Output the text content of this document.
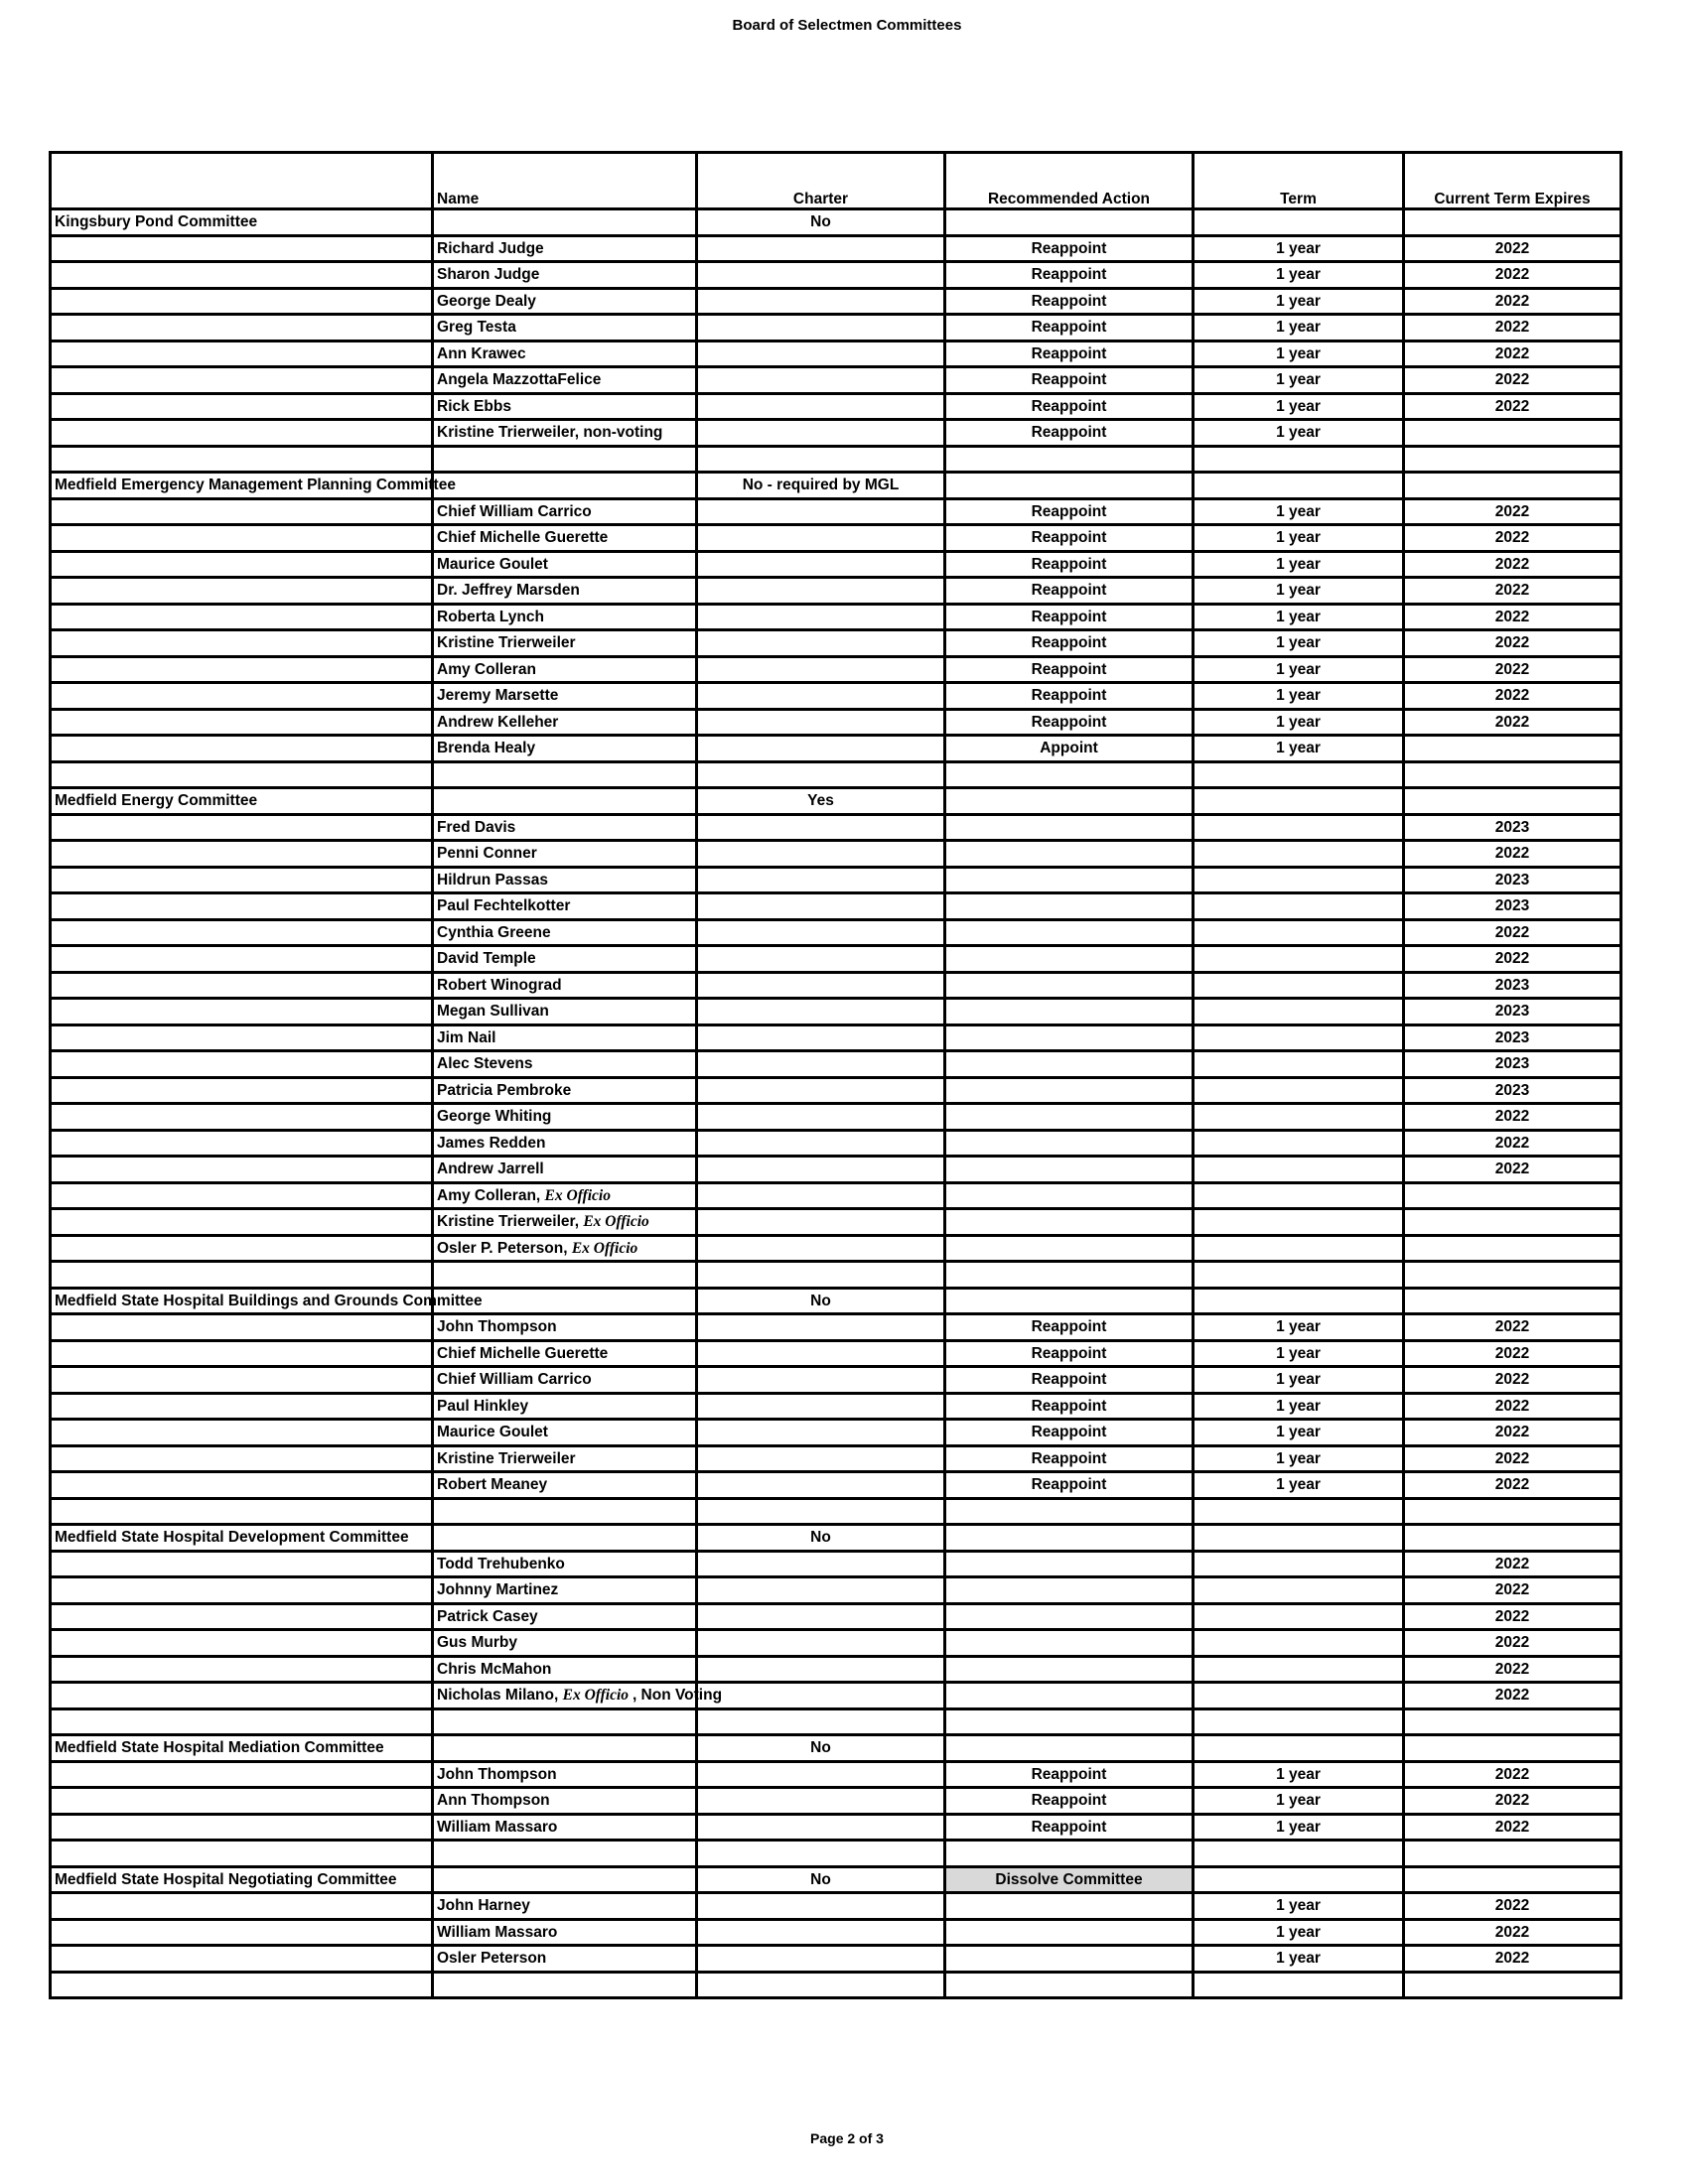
Board of Selectmen Committees
	Name	Charter	Recommended Action	Term	Current Term Expires
Kingsbury Pond Committee		No			
	Richard Judge		Reappoint	1 year	2022
	Sharon Judge		Reappoint	1 year	2022
	George Dealy		Reappoint	1 year	2022
	Greg Testa		Reappoint	1 year	2022
	Ann Krawec		Reappoint	1 year	2022
	Angela MazzottaFelice		Reappoint	1 year	2022
	Rick Ebbs		Reappoint	1 year	2022
	Kristine Trierweiler, non-voting		Reappoint	1 year	

Medfield Emergency Management Planning Committee		No - required by MGL			
	Chief William Carrico		Reappoint	1 year	2022
	Chief Michelle Guerette		Reappoint	1 year	2022
	Maurice Goulet		Reappoint	1 year	2022
	Dr. Jeffrey Marsden		Reappoint	1 year	2022
	Roberta Lynch		Reappoint	1 year	2022
	Kristine Trierweiler		Reappoint	1 year	2022
	Amy Colleran		Reappoint	1 year	2022
	Jeremy Marsette		Reappoint	1 year	2022
	Andrew Kelleher		Reappoint	1 year	2022
	Brenda Healy		Appoint	1 year	

Medfield Energy Committee		Yes			
	Fred Davis				2023
	Penni Conner				2022
	Hildrun Passas				2023
	Paul Fechtelkotter				2023
	Cynthia Greene				2022
	David Temple				2022
	Robert Winograd				2023
	Megan Sullivan				2023
	Jim Nail				2023
	Alec Stevens				2023
	Patricia Pembroke				2023
	George Whiting				2022
	James Redden				2022
	Andrew Jarrell				2022
	Amy Colleran, Ex Officio				
	Kristine Trierweiler, Ex Officio				
	Osler P. Peterson, Ex Officio				

Medfield State Hospital Buildings and Grounds Committee		No			
	John Thompson		Reappoint	1 year	2022
	Chief Michelle Guerette		Reappoint	1 year	2022
	Chief William Carrico		Reappoint	1 year	2022
	Paul Hinkley		Reappoint	1 year	2022
	Maurice Goulet		Reappoint	1 year	2022
	Kristine Trierweiler		Reappoint	1 year	2022
	Robert Meaney		Reappoint	1 year	2022

Medfield State Hospital Development Committee		No			
	Todd Trehubenko				2022
	Johnny Martinez				2022
	Patrick Casey				2022
	Gus Murby				2022
	Chris McMahon				2022
	Nicholas Milano, Ex Officio , Non Voting				2022

Medfield State Hospital Mediation Committee		No			
	John Thompson		Reappoint	1 year	2022
	Ann Thompson		Reappoint	1 year	2022
	William Massaro		Reappoint	1 year	2022

Medfield State Hospital Negotiating Committee		No	Dissolve Committee		
	John Harney			1 year	2022
	William Massaro			1 year	2022
	Osler Peterson			1 year	2022

Page 2 of 3
